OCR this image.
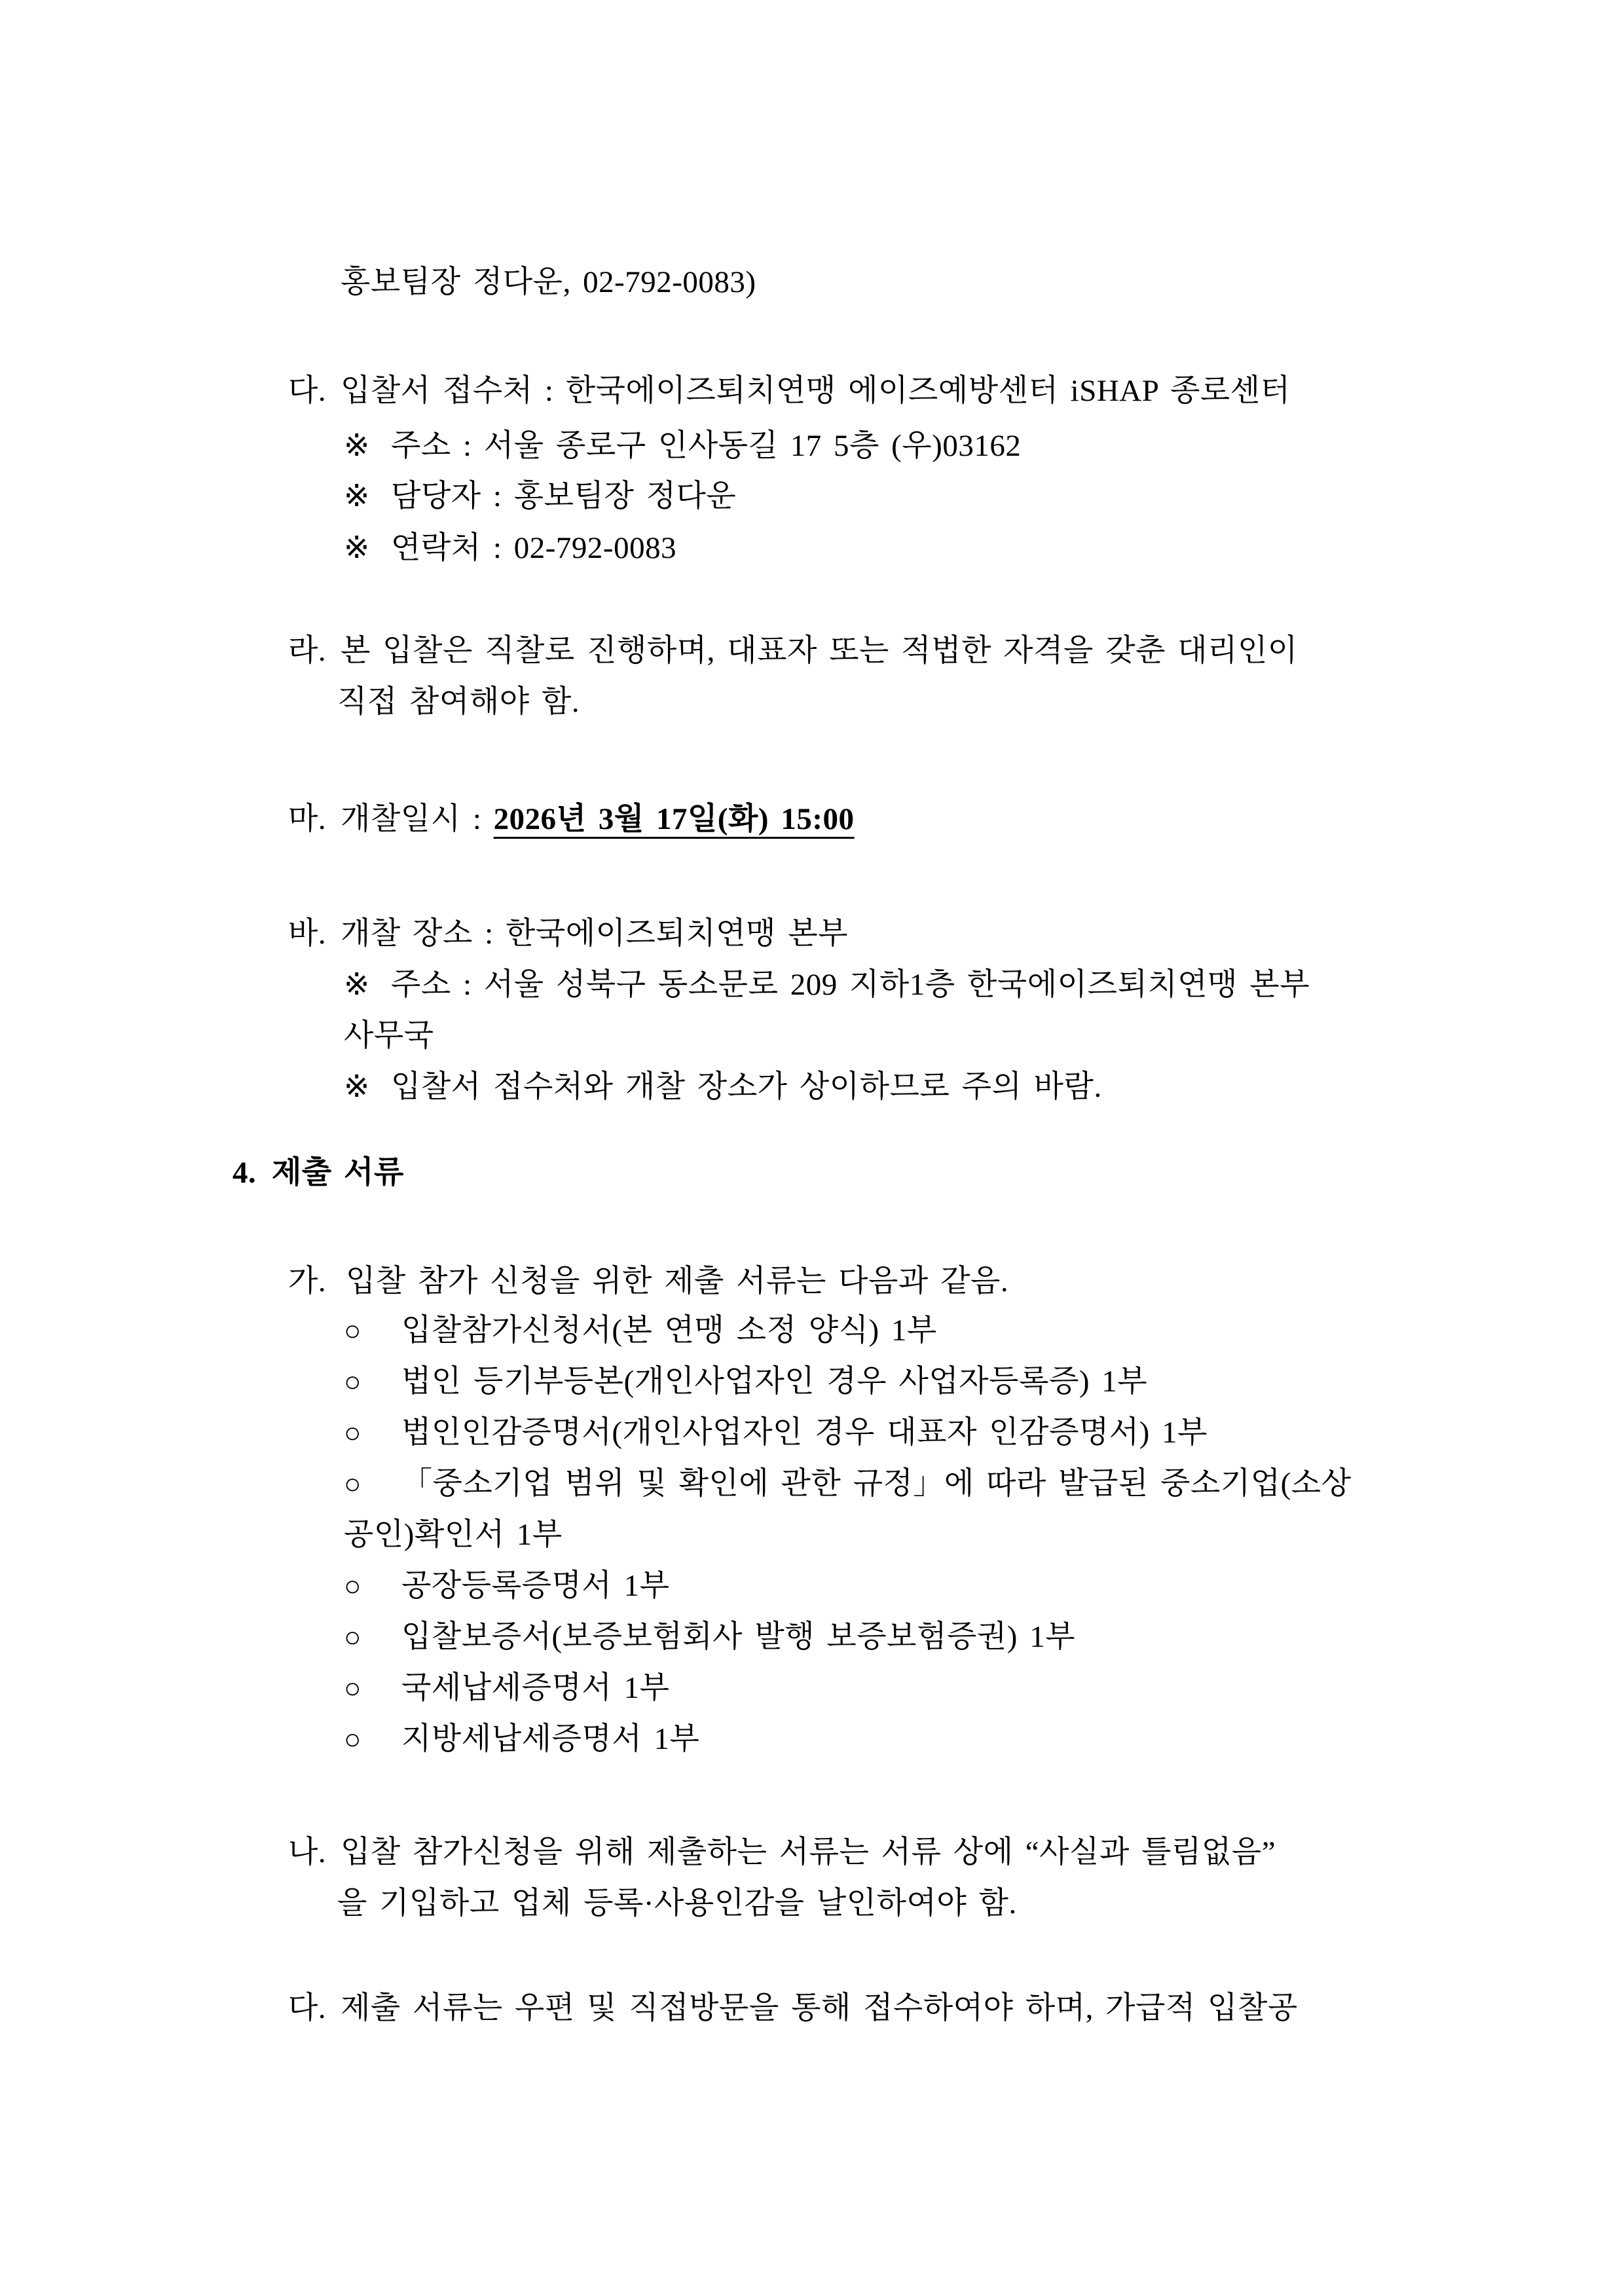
홍보팀장 정다운, 02-792-0083)
다. 입찰서 접수처 : 한국에이즈퇴치연맹 에이즈예방센터 iSHAP 종로센터
※ 주소 : 서울 종로구 인사동길 17 5층 (우)03162
※ 담당자 : 홍보팀장 정다운
※ 연락처 : 02-792-0083
라. 본 입찰은 직찰로 진행하며, 대표자 또는 적법한 자격을 갖춘 대리인이
직접 참여해야 함.
마. 개찰일시 : 2026년 3월 17일(화) 15:00
바. 개찰 장소 : 한국에이즈퇴치연맹 본부
※ 주소 : 서울 성북구 동소문로 209 지하1층 한국에이즈퇴치연맹 본부
사무국
※ 입찰서 접수처와 개찰 장소가 상이하므로 주의 바람.
4. 제출 서류
가. 입찰 참가 신청을 위한 제출 서류는 다음과 같음.
○ 입찰참가신청서(본 연맹 소정 양식) 1부
○ 법인 등기부등본(개인사업자인 경우 사업자등록증) 1부
○ 법인인감증명서(개인사업자인 경우 대표자 인감증명서) 1부
○ 「중소기업 범위 및 확인에 관한 규정」에 따라 발급된 중소기업(소상
공인)확인서 1부
○ 공장등록증명서 1부
○ 입찰보증서(보증보험회사 발행 보증보험증권) 1부
○ 국세납세증명서 1부
○ 지방세납세증명서 1부
나. 입찰 참가신청을 위해 제출하는 서류는 서류 상에 “사실과 틀림없음”
을 기입하고 업체 등록·사용인감을 날인하여야 함.
다. 제출 서류는 우편 및 직접방문을 통해 접수하여야 하며, 가급적 입찰공
